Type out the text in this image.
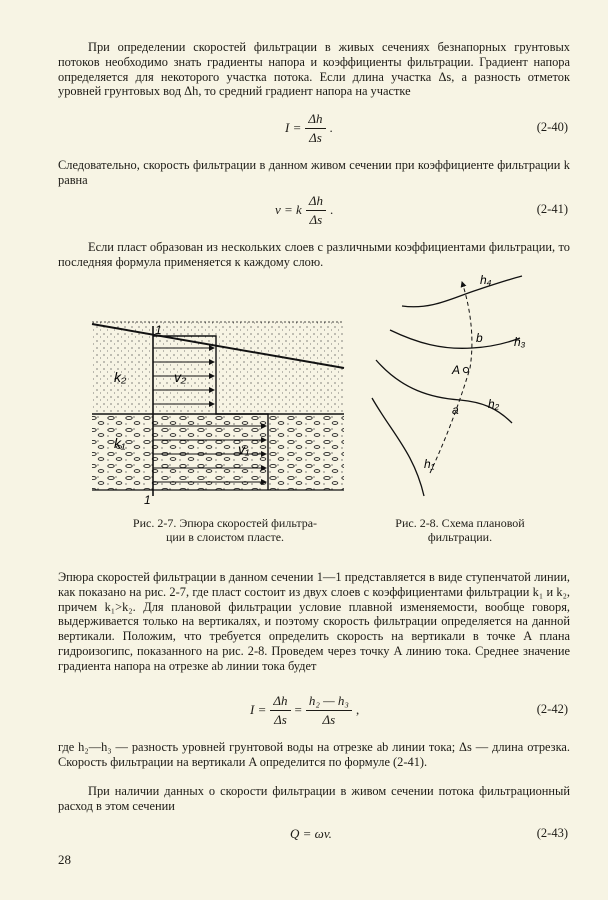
При определении скоростей фильтрации в живых сечениях безнапорных грунтовых потоков необходимо знать градиенты напора и коэффициенты фильтрации. Градиент напора определяется для некоторого участка потока. Если длина участка Δs, а разность отметок уровней грунтовых вод Δh, то средний градиент напора на участке

$I = \frac{\Delta h}{\Delta s}$ .	(2-40)

Следовательно, скорость фильтрации в данном живом сечении при коэффициенте фильтрации k равна

v = k $\frac{\Delta h}{\Delta s}$ .	(2-41)

Если пласт образован из нескольких слоев с различными коэффициентами фильтрации, то последняя формула применяется к каждому слою.

1
1
k₂
k₁
v₂
v₁

Рис. 2-7. Эпюра скоростей фильтра-
ции в слоистом пласте.

h₄
h₃
h₂
h₁
b
A
a

Рис. 2-8. Схема плановой
фильтрации.

Эпюра скоростей фильтрации в данном сечении 1—1 представляется в виде ступенчатой линии, как показано на рис. 2-7, где пласт состоит из двух слоев с коэффициентами фильтрации k₁ и k₂, причем k₁>k₂. Для плановой фильтрации условие плавной изменяемости, вообще говоря, выдерживается только на вертикалях, и поэтому скорость фильтрации определяется на данной вертикали. Положим, что требуется определить скорость на вертикали в точке A плана гидроизогипс, показанного на рис. 2-8. Проведем через точку A линию тока. Среднее значение градиента напора на отрезке ab линии тока будет

$I = \frac{\Delta h}{\Delta s} = \frac{\text{h₂ — h₃}}{\Delta s}$ ,	(2-42)

где h₂—h₃ — разность уровней грунтовой воды на отрезке ab линии тока; Δs — длина отрезка. Скорость фильтрации на вертикали A определится по формуле (2-41).

При наличии данных о скорости фильтрации в живом сечении потока фильтрационный расход в этом сечении

Q = ωv.	(2-43)
28
